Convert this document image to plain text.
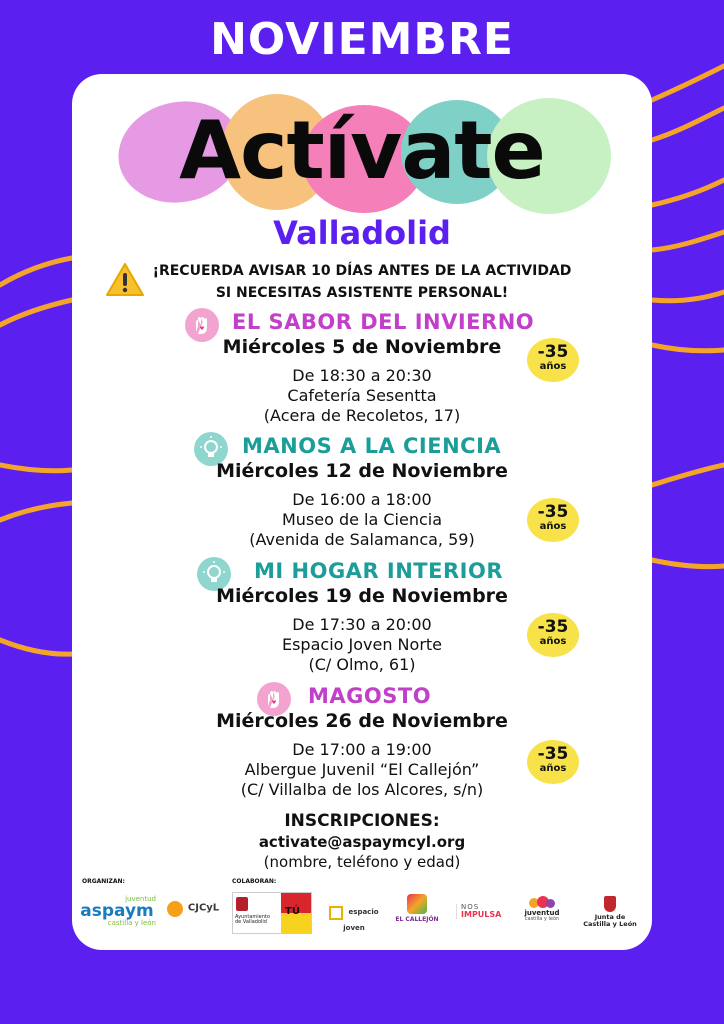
NOVIEMBRE
Actívate
Valladolid
¡RECUERDA AVISAR 10 DÍAS ANTES DE LA ACTIVIDAD
SI NECESITAS ASISTENTE PERSONAL!
EL SABOR DEL INVIERNO
Miércoles 5 de Noviembre
De 18:30 a 20:30
Cafetería Sesentta
(Acera de Recoletos, 17)
-35
años
MANOS A LA CIENCIA
Miércoles 12 de Noviembre
De 16:00 a 18:00
Museo de la Ciencia
(Avenida de Salamanca, 59)
-35
años
MI HOGAR INTERIOR
Miércoles 19 de Noviembre
De 17:30 a 20:00
Espacio Joven Norte
(C/ Olmo, 61)
-35
años
MAGOSTO
Miércoles 26 de Noviembre
De 17:00 a 19:00
Albergue Juvenil “El Callejón”
(C/ Villalba de los Alcores, s/n)
-35
años
INSCRIPCIONES:
activate@aspaymcyl.org
(nombre, teléfono y edad)
ORGANIZAN:	COLABORAN:
juventud
aspaym
castilla y león
CJCyL
Ayuntamiento de Valladolid
TÚ	espacio joven
EL CALLEJÓN
NOS
IMPULSA	juventud
castilla y león	Junta de
Castilla y León
